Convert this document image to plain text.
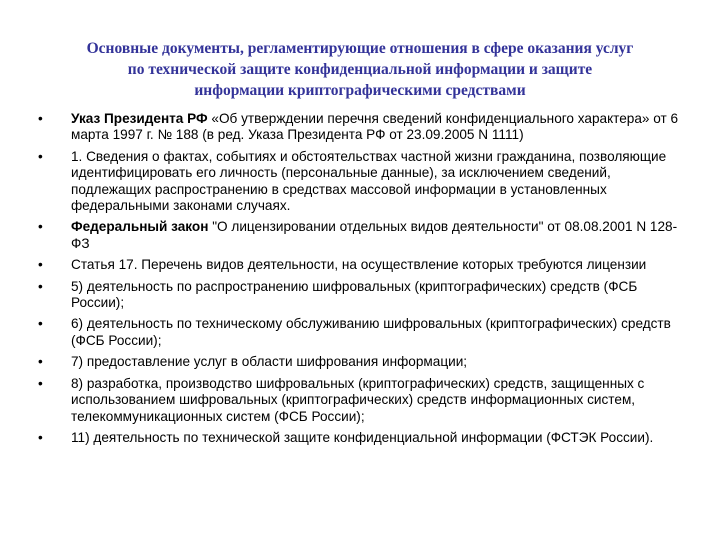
Основные документы, регламентирующие отношения в сфере оказания услуг
по технической защите конфиденциальной информации и защите
информации криптографическими средствами
•	Указ Президента РФ «Об утверждении перечня сведений конфиденциального характера» от 6 марта 1997 г. № 188 (в ред. Указа Президента РФ от 23.09.2005 N 1111)
•	1. Сведения о фактах, событиях и обстоятельствах частной жизни гражданина, позволяющие идентифицировать его личность (персональные данные), за исключением сведений, подлежащих распространению в средствах массовой информации в установленных федеральными законами случаях.
•	Федеральный закон "О лицензировании отдельных видов деятельности" от 08.08.2001 N 128-ФЗ
•	Статья 17. Перечень видов деятельности, на осуществление которых требуются лицензии
•	5) деятельность по распространению шифровальных (криптографических) средств (ФСБ России);
•	6) деятельность по техническому обслуживанию шифровальных (криптографических) средств (ФСБ России);
•	7) предоставление услуг в области шифрования информации;
•	8) разработка, производство шифровальных (криптографических) средств, защищенных с использованием шифровальных (криптографических) средств информационных систем, телекоммуникационных систем (ФСБ России);
•	11) деятельность по технической защите конфиденциальной информации (ФСТЭК России).
